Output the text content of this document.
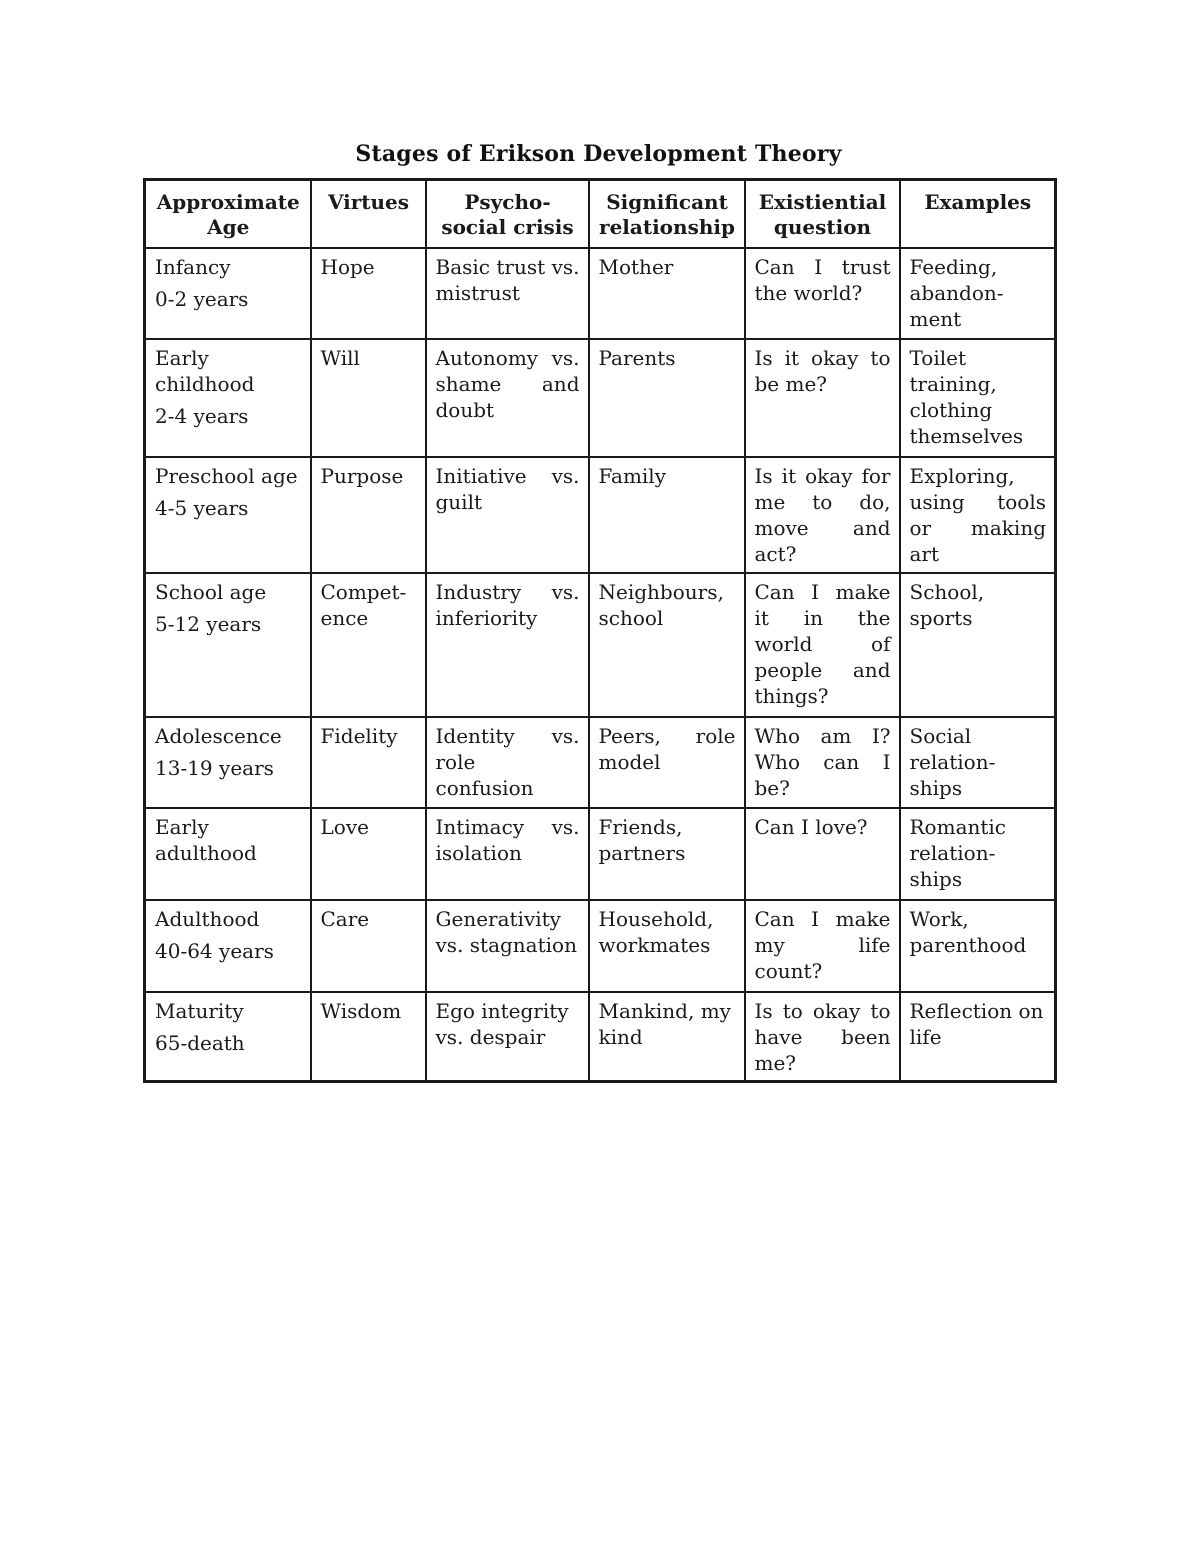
Stages of Erikson Development Theory
Approximate Age	Virtues	Psycho-social crisis	Significant relationship	Existiential question	Examples

Infancy
0-2 years	Hope	Basic trust vs. mistrust	Mother	Can I trust the world?	Feeding, abandon-ment

Early childhood
2-4 years	Will	Autonomy vs. shame and doubt	Parents	Is it okay to be me?	Toilet training, clothing themselves

Preschool age
4-5 years	Purpose	Initiative vs. guilt	Family	Is it okay for me to do, move and act?	Exploring, using tools or making art

School age
5-12 years	Compet-ence	Industry vs. inferiority	Neighbours, school	Can I make it in the world of people and things?	School, sports

Adolescence
13-19 years	Fidelity	Identity vs. role confusion	Peers, role model	Who am I? Who can I be?	Social relation-ships

Early adulthood	Love	Intimacy vs. isolation	Friends, partners	Can I love?	Romantic relation-ships

Adulthood
40-64 years	Care	Generativity vs. stagnation	Household, workmates	Can I make my life count?	Work, parenthood

Maturity
65-death	Wisdom	Ego integrity vs. despair	Mankind, my kind	Is to okay to have been me?	Reflection on life
